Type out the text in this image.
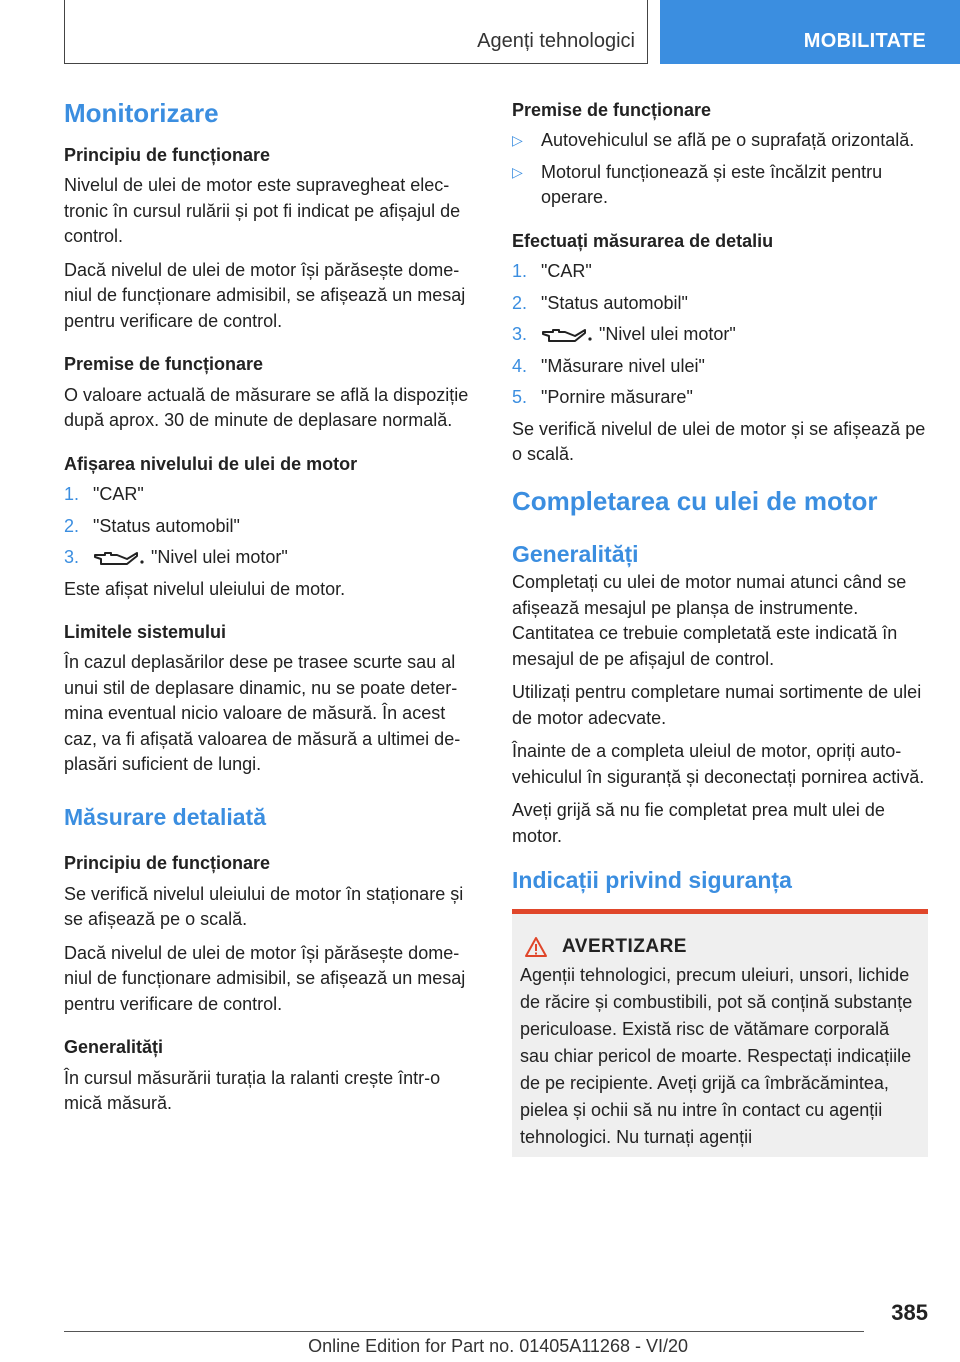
Agenți tehnologici	MOBILITATE
Monitorizare
Principiu de funcționare

Nivelul de ulei de motor este supravegheat electronic în cursul rulării și pot fi indicat pe afișajul de control.

Dacă nivelul de ulei de motor își părăsește domeniul de funcționare admisibil, se afișează un mesaj pentru verificare de control.

Premise de funcționare

O valoare actuală de măsurare se află la dispoziție după aprox. 30 de minute de deplasare normală.

Afișarea nivelului de ulei de motor
1. "CAR"
2. "Status automobil"
3.	"Nivel ulei motor"

Este afișat nivelul uleiului de motor.

Limitele sistemului

În cazul deplasărilor dese pe trasee scurte sau al unui stil de deplasare dinamic, nu se poate determina eventual nicio valoare de măsură. În acest caz, va fi afișată valoarea de măsură a ultimei deplasări suficient de lungi.

Măsurare detaliată
Principiu de funcționare

Se verifică nivelul uleiului de motor în staționare și se afișează pe o scală.

Dacă nivelul de ulei de motor își părăsește domeniul de funcționare admisibil, se afișează un mesaj pentru verificare de control.

Generalități

În cursul măsurării turația la ralanti crește într-o mică măsură.

Premise de funcționare
▷ Autovehiculul se află pe o suprafață orizontală.
▷ Motorul funcționează și este încălzit pentru operare.
Efectuați măsurarea de detaliu
1. "CAR"
2. "Status automobil"
3.	"Nivel ulei motor"
4. "Măsurare nivel ulei"
5. "Pornire măsurare"

Se verifică nivelul de ulei de motor și se afișează pe o scală.

Completarea cu ulei de motor
Generalități

Completați cu ulei de motor numai atunci când se afișează mesajul pe planșa de instrumente. Cantitatea ce trebuie completată este indicată în mesajul de pe afișajul de control.

Utilizați pentru completare numai sortimente de ulei de motor adecvate.

Înainte de a completa uleiul de motor, opriți autovehiculul în siguranță și deconectați pornirea activă.

Aveți grijă să nu fie completat prea mult ulei de motor.

Indicații privind siguranța
AVERTIZARE

Agenții tehnologici, precum uleiuri, unsori, lichide de răcire și combustibili, pot să conțină substanțe periculoase. Există risc de vătămare corporală sau chiar pericol de moarte. Respectați indicațiile de pe recipiente. Aveți grijă ca îmbrăcămintea, pielea și ochii să nu intre în contact cu agenții tehnologici. Nu turnați agenții

385
Online Edition for Part no. 01405A11268 - VI/20
